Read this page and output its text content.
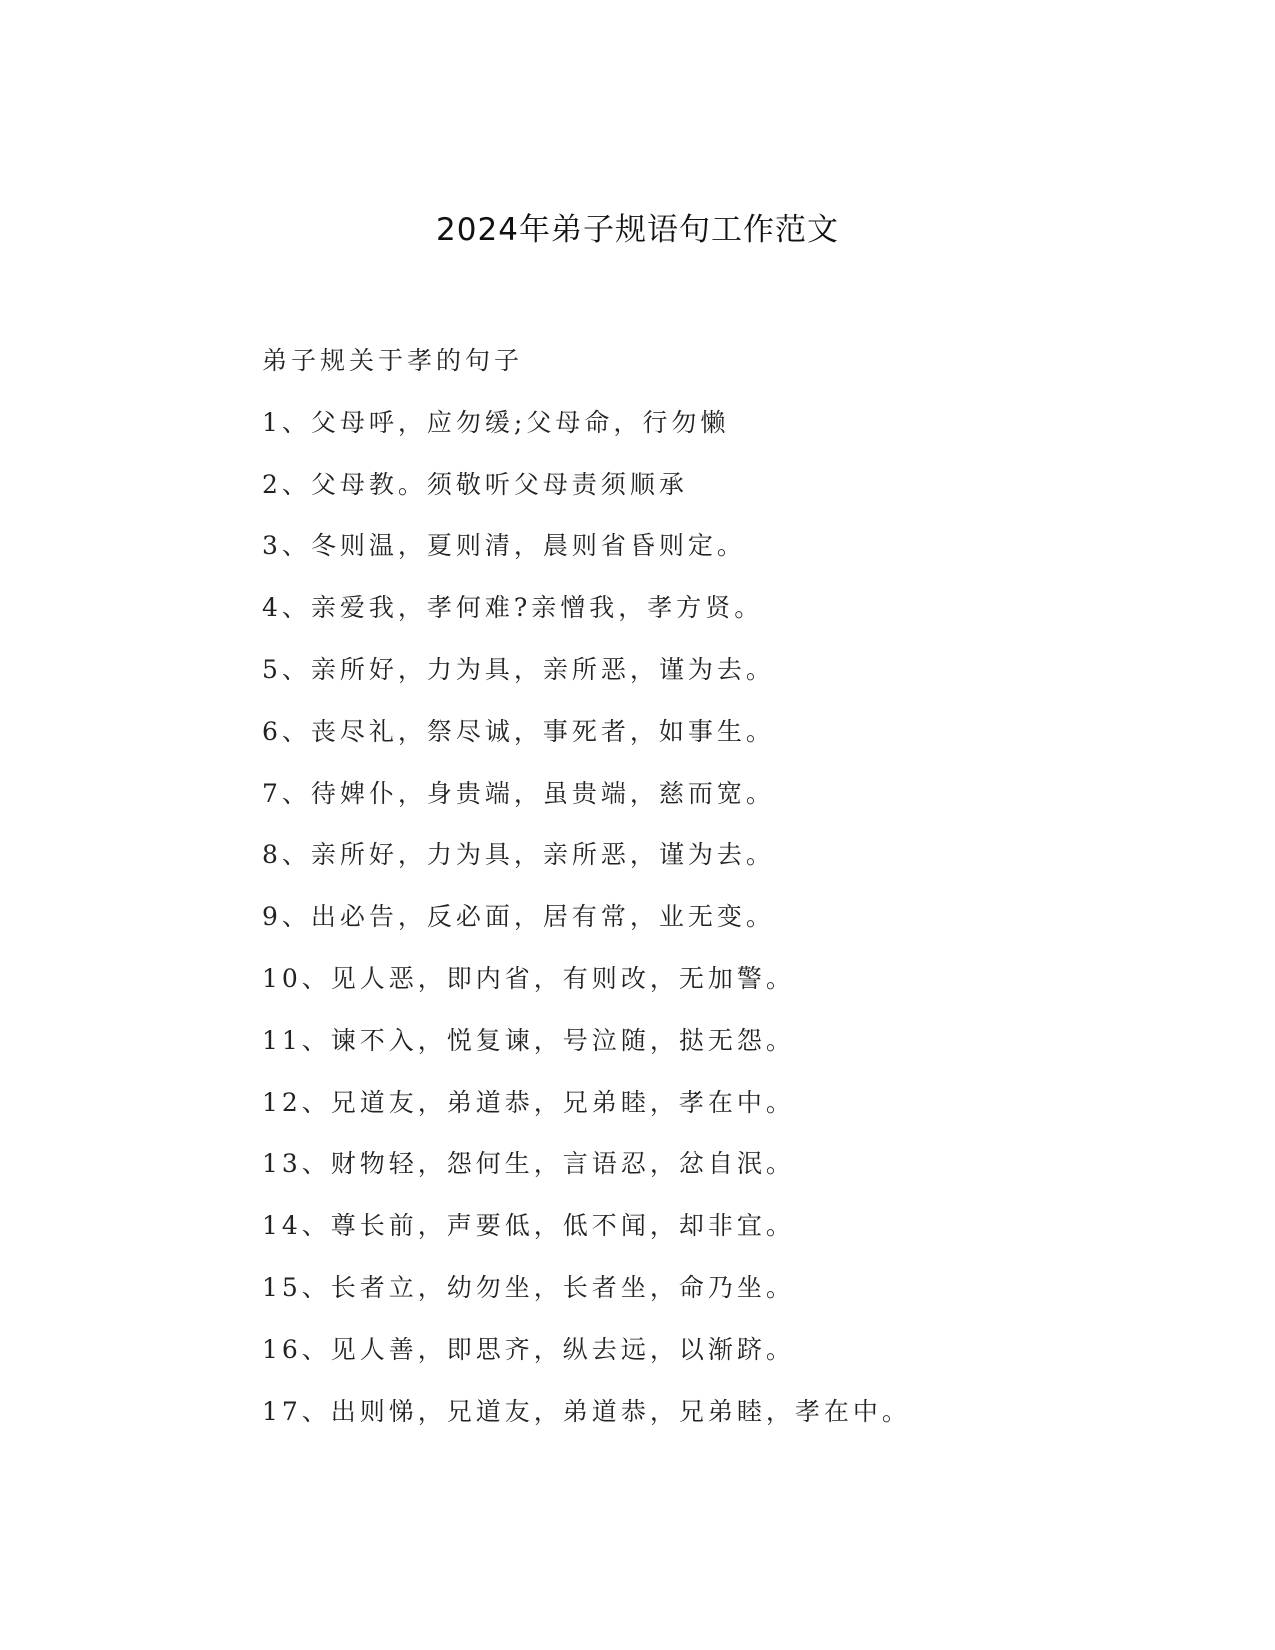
2024年弟子规语句工作范文

弟子规关于孝的句子

1、父母呼，应勿缓;父母命，行勿懒

2、父母教。须敬听父母责须顺承

3、冬则温，夏则清，晨则省昏则定。

4、亲爱我，孝何难?亲憎我，孝方贤。

5、亲所好，力为具，亲所恶，谨为去。

6、丧尽礼，祭尽诚，事死者，如事生。

7、待婢仆，身贵端，虽贵端，慈而宽。

8、亲所好，力为具，亲所恶，谨为去。

9、出必告，反必面，居有常，业无变。

10、见人恶，即内省，有则改，无加警。

11、谏不入，悦复谏，号泣随，挞无怨。

12、兄道友，弟道恭，兄弟睦，孝在中。

13、财物轻，怨何生，言语忍，忿自泯。

14、尊长前，声要低，低不闻，却非宜。

15、长者立，幼勿坐，长者坐，命乃坐。

16、见人善，即思齐，纵去远，以渐跻。

17、出则悌，兄道友，弟道恭，兄弟睦，孝在中。
